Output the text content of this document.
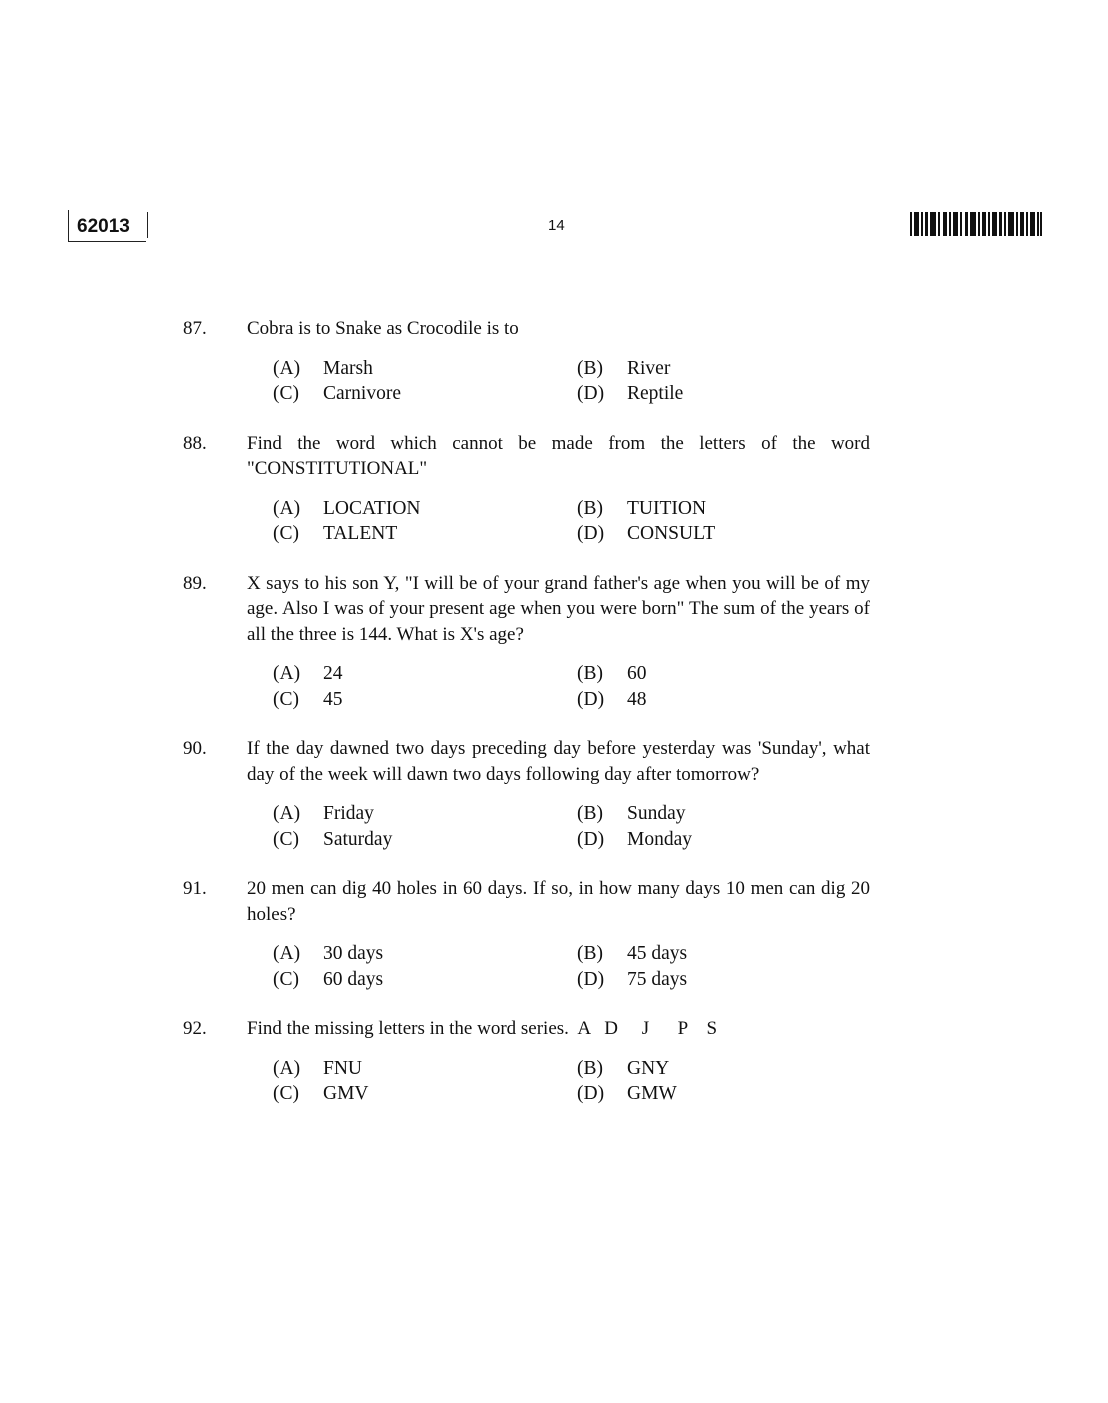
62013	14
87. Cobra is to Snake as Crocodile is to
(A)	Marsh	(B)	River
(C)	Carnivore	(D)	Reptile
88. Find the word which cannot be made from the letters of the word "CONSTITUTIONAL"
(A)	LOCATION	(B)	TUITION
(C)	TALENT	(D)	CONSULT
89. X says to his son Y, "I will be of your grand father's age when you will be of my age. Also I was of your present age when you were born" The sum of the years of all the three is 144. What is X's age?
(A)	24	(B)	60
(C)	45	(D)	48
90. If the day dawned two days preceding day before yesterday was 'Sunday', what day of the week will dawn two days following day after tomorrow?
(A)	Friday	(B)	Sunday
(C)	Saturday	(D)	Monday
91. 20 men can dig 40 holes in 60 days. If so, in how many days 10 men can dig 20 holes?
(A)	30 days	(B)	45 days
(C)	60 days	(D)	75 days
92. Find the missing letters in the word series.  A   D     J      P    S
(A)	FNU	(B)	GNY
(C)	GMV	(D)	GMW
